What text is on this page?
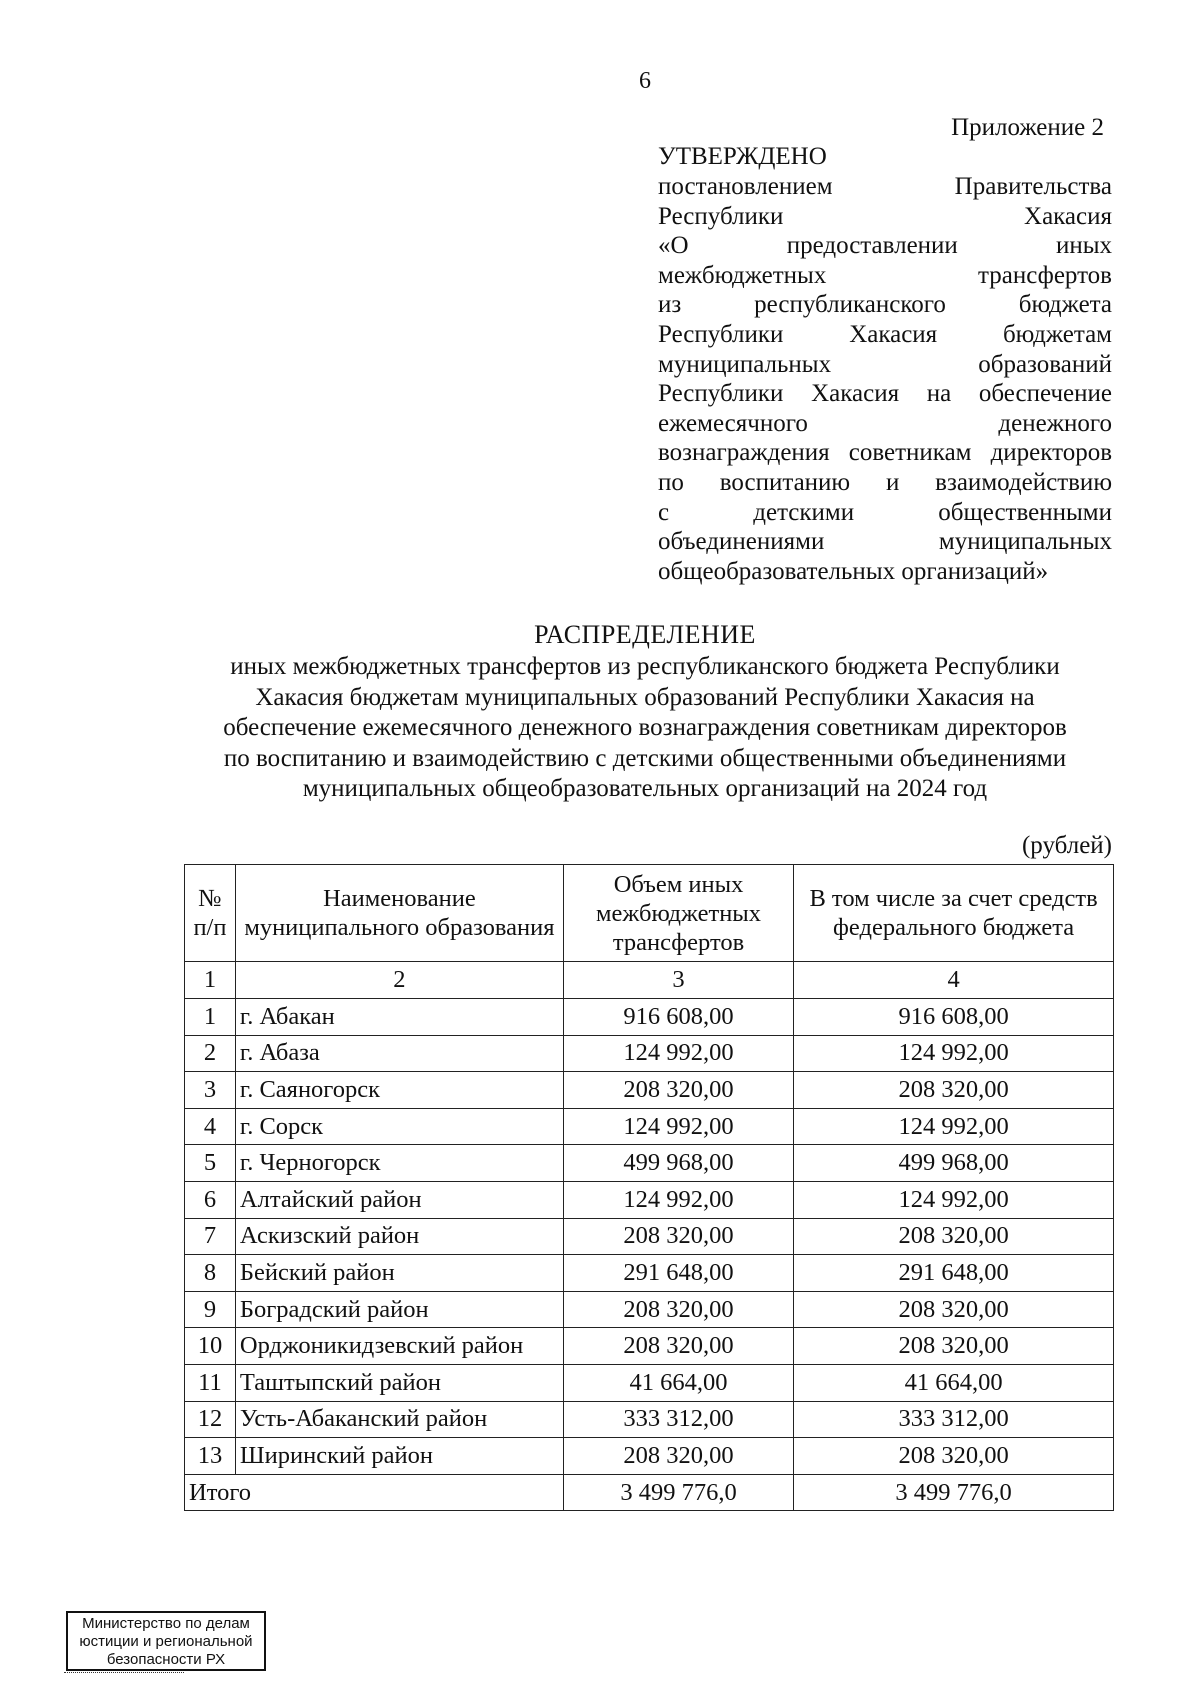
6
Приложение 2
УТВЕРЖДЕНО
постановлением Правительства
Республики Хакасия
«О предоставлении иных
межбюджетных трансфертов
из республиканского бюджета
Республики Хакасия бюджетам
муниципальных образований
Республики Хакасия на обеспечение
ежемесячного денежного
вознаграждения советникам директоров
по воспитанию и взаимодействию
с детскими общественными
объединениями муниципальных
общеобразовательных организаций»
РАСПРЕДЕЛЕНИЕ
иных межбюджетных трансфертов из республиканского бюджета Республики
Хакасия бюджетам муниципальных образований Республики Хакасия на
обеспечение ежемесячного денежного вознаграждения советникам директоров
по воспитанию и взаимодействию с детскими общественными объединениями
муниципальных общеобразовательных организаций на 2024 год
(рублей)
№ п/п	Наименование муниципального образования	Объем иных межбюджетных трансфертов	В том числе за счет средств федерального бюджета
1	2	3	4
1	г. Абакан	916 608,00	916 608,00
2	г. Абаза	124 992,00	124 992,00
3	г. Саяногорск	208 320,00	208 320,00
4	г. Сорск	124 992,00	124 992,00
5	г. Черногорск	499 968,00	499 968,00
6	Алтайский район	124 992,00	124 992,00
7	Аскизский район	208 320,00	208 320,00
8	Бейский район	291 648,00	291 648,00
9	Боградский район	208 320,00	208 320,00
10	Орджоникидзевский район	208 320,00	208 320,00
11	Таштыпский район	41 664,00	41 664,00
12	Усть-Абаканский район	333 312,00	333 312,00
13	Ширинский район	208 320,00	208 320,00
Итого		3 499 776,0	3 499 776,0
Министерство по делам
юстиции и региональной
безопасности РХ
